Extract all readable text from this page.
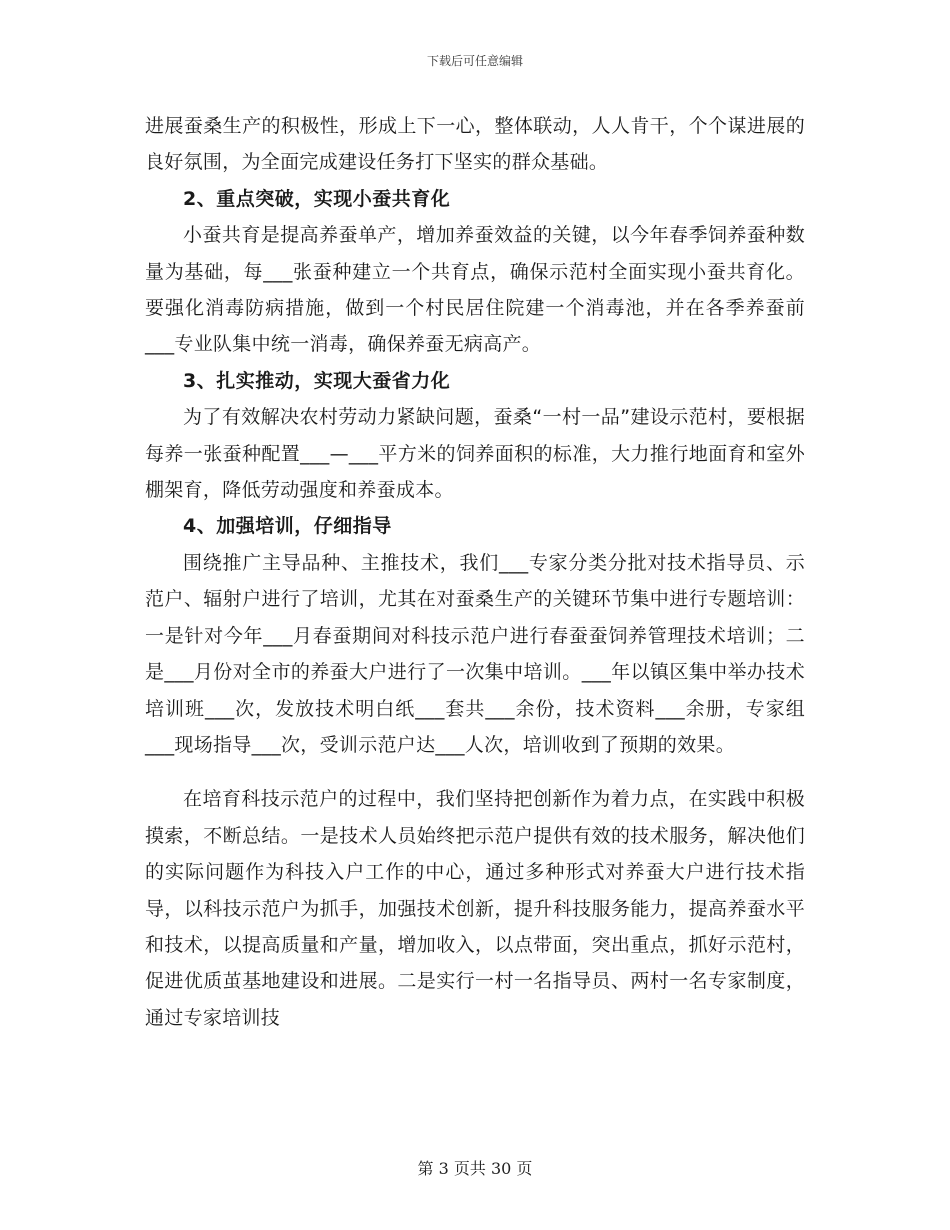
下载后可任意编辑

进展蚕桑生产的积极性，形成上下一心，整体联动，人人肯干，个个谋进展的良好氛围，为全面完成建设任务打下坚实的群众基础。

2、重点突破，实现小蚕共育化

小蚕共育是提高养蚕单产，增加养蚕效益的关键，以今年春季饲养蚕种数量为基础，每___张蚕种建立一个共育点，确保示范村全面实现小蚕共育化。要强化消毒防病措施，做到一个村民居住院建一个消毒池，并在各季养蚕前___专业队集中统一消毒，确保养蚕无病高产。

3、扎实推动，实现大蚕省力化

为了有效解决农村劳动力紧缺问题，蚕桑“一村一品”建设示范村，要根据每养一张蚕种配置___—___平方米的饲养面积的标准，大力推行地面育和室外棚架育，降低劳动强度和养蚕成本。

4、加强培训，仔细指导

围绕推广主导品种、主推技术，我们___专家分类分批对技术指导员、示范户、辐射户进行了培训，尤其在对蚕桑生产的关键环节集中进行专题培训：一是针对今年___月春蚕期间对科技示范户进行春蚕蚕饲养管理技术培训；二是___月份对全市的养蚕大户进行了一次集中培训。___年以镇区集中举办技术培训班___次，发放技术明白纸___套共___余份，技术资料___余册，专家组___现场指导___次，受训示范户达___人次，培训收到了预期的效果。

在培育科技示范户的过程中，我们坚持把创新作为着力点，在实践中积极摸索，不断总结。一是技术人员始终把示范户提供有效的技术服务，解决他们的实际问题作为科技入户工作的中心，通过多种形式对养蚕大户进行技术指导，以科技示范户为抓手，加强技术创新，提升科技服务能力，提高养蚕水平和技术，以提高质量和产量，增加收入，以点带面，突出重点，抓好示范村，促进优质茧基地建设和进展。二是实行一村一名指导员、两村一名专家制度，通过专家培训技

第 3 页共 30 页
